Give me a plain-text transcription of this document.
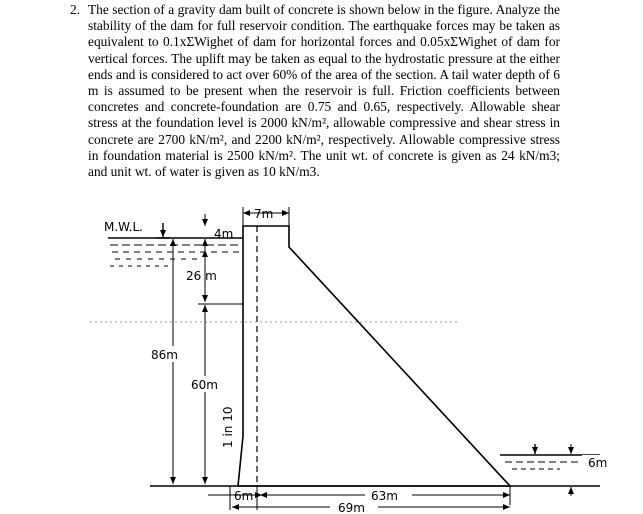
2. The section of a gravity dam built of concrete is shown below in the figure. Analyze the stability of the dam for full reservoir condition. The earthquake forces may be taken as equivalent to 0.1xΣWighet of dam for horizontal forces and 0.05xΣWighet of dam for vertical forces. The uplift may be taken as equal to the hydrostatic pressure at the either ends and is considered to act over 60% of the area of the section. A tail water depth of 6 m is assumed to be present when the reservoir is full. Friction coefficients between concretes and concrete-foundation are 0.75 and 0.65, respectively. Allowable shear stress at the foundation level is 2000 kN/m², allowable compressive and shear stress in concrete are 2700 kN/m², and 2200 kN/m², respectively. Allowable compressive stress in foundation material is 2500 kN/m². The unit wt. of concrete is given as 24 kN/m3; and unit wt. of water is given as 10 kN/m3.
M.W.L.
7m
4m
26 m
86m
60m
1 in 10
6m
6m	63m
69m
